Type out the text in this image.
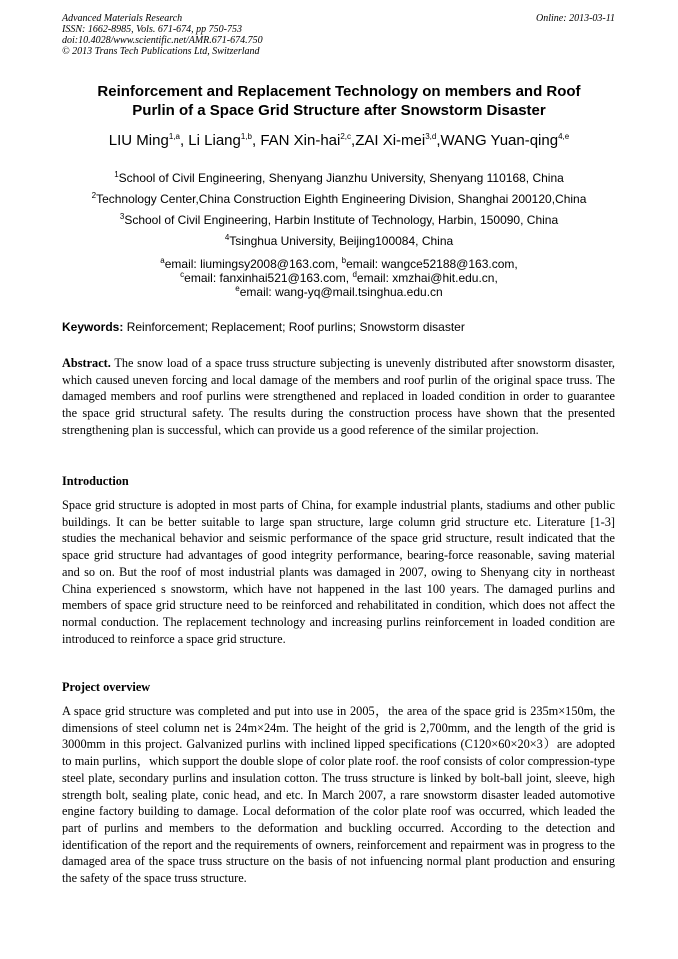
Advanced Materials Research
ISSN: 1662-8985, Vols. 671-674, pp 750-753
doi:10.4028/www.scientific.net/AMR.671-674.750
© 2013 Trans Tech Publications Ltd, Switzerland
Online: 2013-03-11
Reinforcement and Replacement Technology on members and Roof
Purlin of a Space Grid Structure after Snowstorm Disaster
LIU Ming$^{1,a}$, Li Liang$^{1,b}$, FAN Xin-hai$^{2,c}$,ZAI Xi-mei$^{3,d}$,WANG Yuan-qing$^{4,e}$
$^1$School of Civil Engineering, Shenyang Jianzhu University, Shenyang 110168, China
$^2$Technology Center,China Construction Eighth Engineering Division, Shanghai 200120,China
$^3$School of Civil Engineering, Harbin Institute of Technology, Harbin, 150090, China
$^4$Tsinghua University, Beijing100084, China
$^a$email: liumingsy2008@163.com, $^b$email: wangce52188@163.com,
$^c$email: fanxinhai521@163.com, $^d$email: xmzhai@hit.edu.cn,
$^e$email: wang-yq@mail.tsinghua.edu.cn
Keywords: Reinforcement; Replacement; Roof purlins; Snowstorm disaster
Abstract. The snow load of a space truss structure subjecting is unevenly distributed after snowstorm disaster, which caused uneven forcing and local damage of the members and roof purlin of the original space truss. The damaged members and roof purlins were strengthened and replaced in loaded condition in order to guarantee the space grid structural safety. The results during the construction process have shown that the presented strengthening plan is successful, which can provide us a good reference of the similar projection.
Introduction
Space grid structure is adopted in most parts of China, for example industrial plants, stadiums and other public buildings. It can be better suitable to large span structure, large column grid structure etc. Literature [1-3] studies the mechanical behavior and seismic performance of the space grid structure, result indicated that the space grid structure had advantages of good integrity performance, bearing-force reasonable, saving material and so on. But the roof of most industrial plants was damaged in 2007, owing to Shenyang city in northeast China experienced s snowstorm, which have not happened in the last 100 years. The damaged purlins and members of space grid structure need to be reinforced and rehabilitated in condition, which does not affect the normal conduction. The replacement technology and increasing purlins reinforcement in loaded condition are introduced to reinforce a space grid structure.
Project overview
A space grid structure was completed and put into use in 2005，the area of the space grid is 235m×150m, the dimensions of steel column net is 24m×24m. The height of the grid is 2,700mm, and the length of the grid is 3000mm in this project. Galvanized purlins with inclined lipped specifications (C120×60×20×3）are adopted to main purlins，which support the double slope of color plate roof. the roof consists of color compression-type steel plate, secondary purlins and insulation cotton. The truss structure is linked by bolt-ball joint, sleeve, high strength bolt, sealing plate, conic head, and etc. In March 2007, a rare snowstorm disaster leaded automotive engine factory building to damage. Local deformation of the color plate roof was occurred, which leaded the part of purlins and members to the deformation and buckling occurred. According to the detection and identification of the report and the requirements of owners, reinforcement and repairment was in progress to the damaged area of the space truss structure on the basis of not infuencing normal plant production and ensuring the safety of the space truss structure.
